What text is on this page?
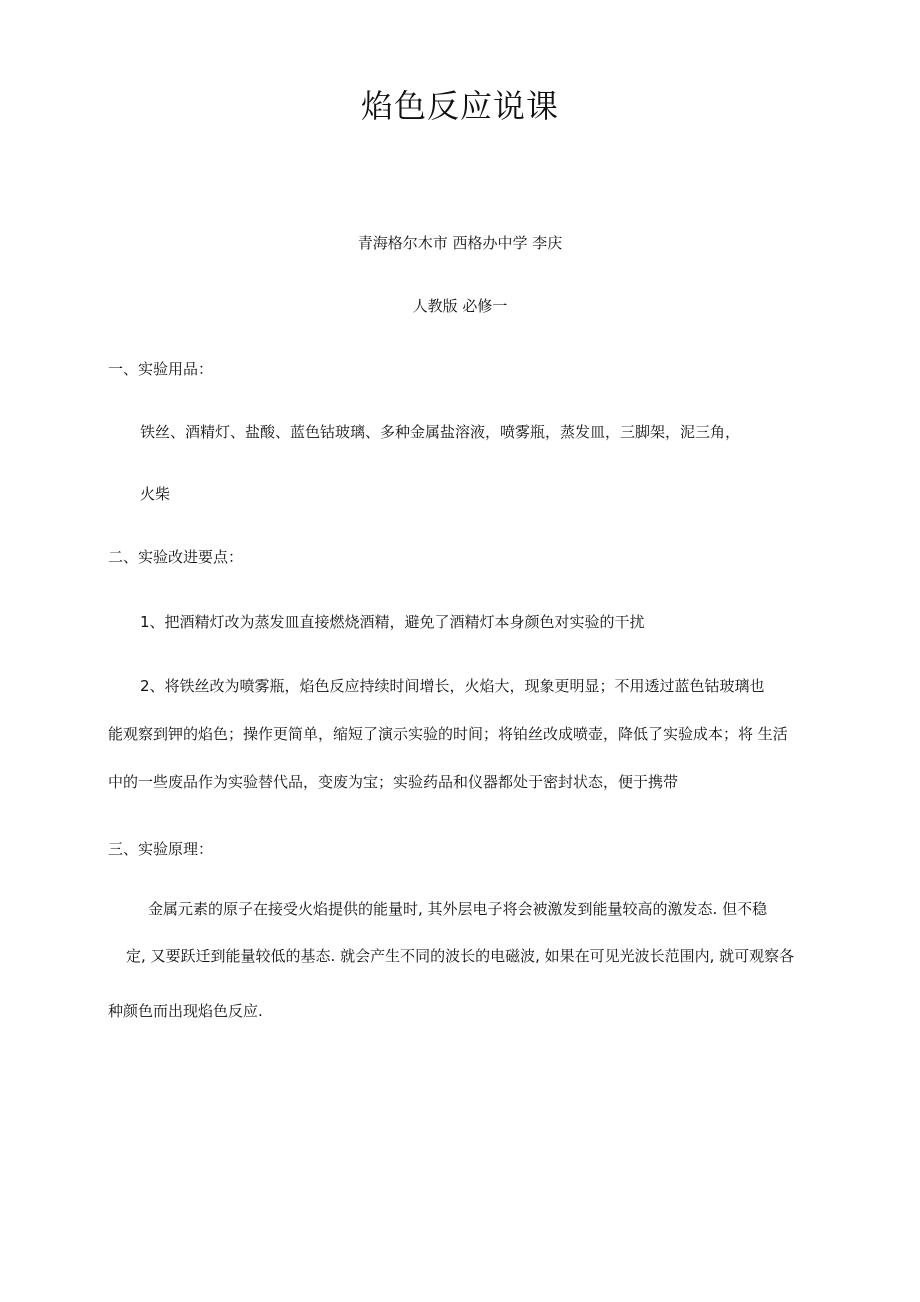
焰色反应说课
青海格尔木市 西格办中学 李庆
人教版 必修一
一、实验用品：
铁丝、酒精灯、盐酸、蓝色钴玻璃、多种金属盐溶液，喷雾瓶，蒸发皿，三脚架，泥三角，
火柴
二、实验改进要点：
1、把酒精灯改为蒸发皿直接燃烧酒精，避免了酒精灯本身颜色对实验的干扰
2、将铁丝改为喷雾瓶，焰色反应持续时间增长，火焰大，现象更明显；不用透过蓝色钴玻璃也
能观察到钾的焰色；操作更简单，缩短了演示实验的时间；将铂丝改成喷壶，降低了实验成本；将 生活
中的一些废品作为实验替代品，变废为宝；实验药品和仪器都处于密封状态，便于携带
三、实验原理：
金属元素的原子在接受火焰提供的能量时, 其外层电子将会被激发到能量较高的激发态. 但不稳
定, 又要跃迁到能量较低的基态. 就会产生不同的波长的电磁波, 如果在可见光波长范围内, 就可观察各
种颜色而出现焰色反应.
